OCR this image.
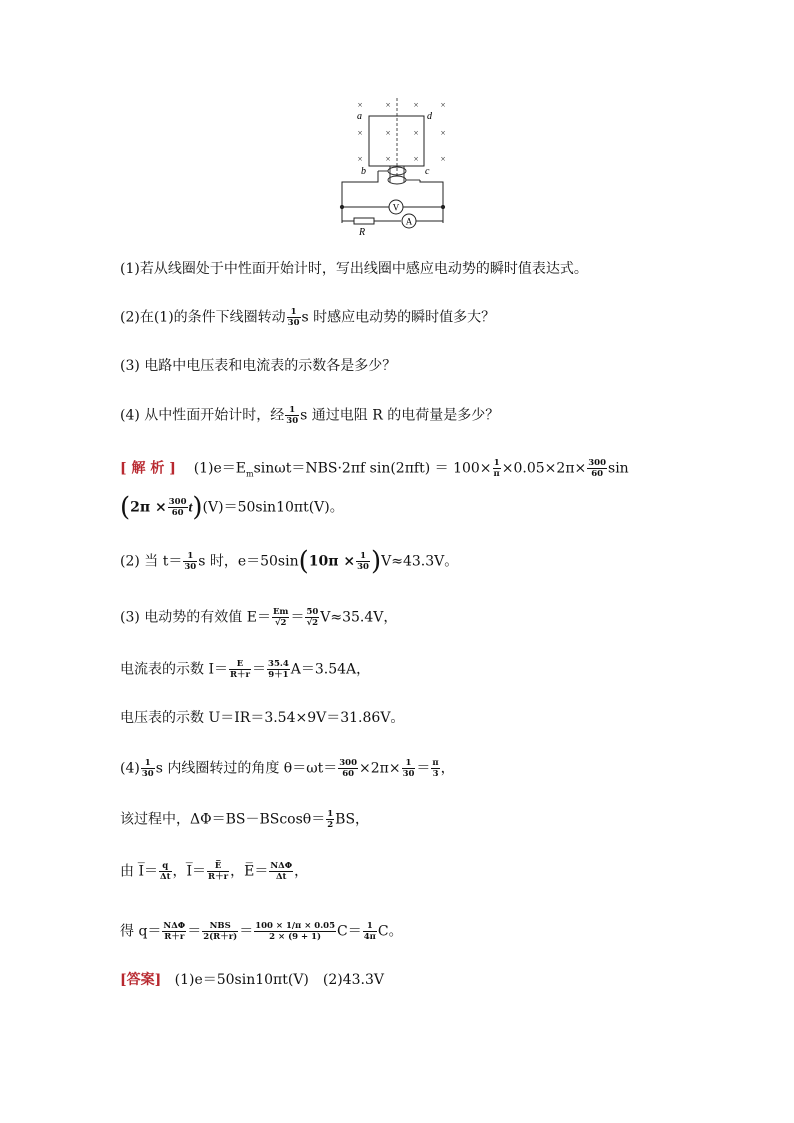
×	×	× ×
×	×	× ×
×	×	× ×
a	d
b	c
V
R
A
(1)若从线圈处于中性面开始计时，写出线圈中感应电动势的瞬时值表达式。
(2)在(1)的条件下线圈转动 $\frac{1}{30}$ s 时感应电动势的瞬时值多大？
(3) 电路中电压表和电流表的示数各是多少？
(4) 从中性面开始计时，经 $\frac{1}{30}$ s 通过电阻 R 的电荷量是多少？
[ 解 析 ] $(1)e=E_m\sin\omega t=NBS\cdot 2\pi f$ $\sin(2\pi ft) = 100\times \frac{1}{\pi} \times 0.05\times 2\pi\times \frac{300}{60}$ sin
$(2\pi \times \frac{300}{60} t)(V)=50\sin 10\pi t(V)$。
(2) 当 $t= \frac{1}{30}$ s 时，$e=50\sin(10\pi \times \frac{1}{30} )V\approx 43.3V$。
(3) 电动势的有效值 $E= \frac{Em}{√2} = \frac{50}{√2} V\approx 35.4V$，
电流表的示数 $I= \frac{E}{R+r} = \frac{35.4}{9+1} A=3.54A$，
电压表的示数 U＝IR＝3.54×9V＝31.86V。
$(4) \frac{1}{30}$ s 内线圈转过的角度 $\theta=\omega t= \frac{300}{60} \times 2\pi\times \frac{1}{30} = \frac{\pi}{3}$ ，
该过程中，$\Delta\Phi=BS-BScos\theta= \frac{1}{2}$ BS，
由 I̅＝ $\frac{q}{\Delta t}$ ，I̅＝ $\frac{E̅}{R+r}$ ，E̅＝ $\frac{\text{NΔΦ}}{\Delta t}$ ，
得 $q= \frac{\text{NΔΦ}}{R+r} = \frac{\text{NBS}}{2(R+r)} = \frac{100 \times 1/\pi \times 0.05}{2 \times (9 + 1)} C= \frac{1}{4\pi}$ C。
[答案] (1)e＝50sin10πt(V)　(2)43.3V
